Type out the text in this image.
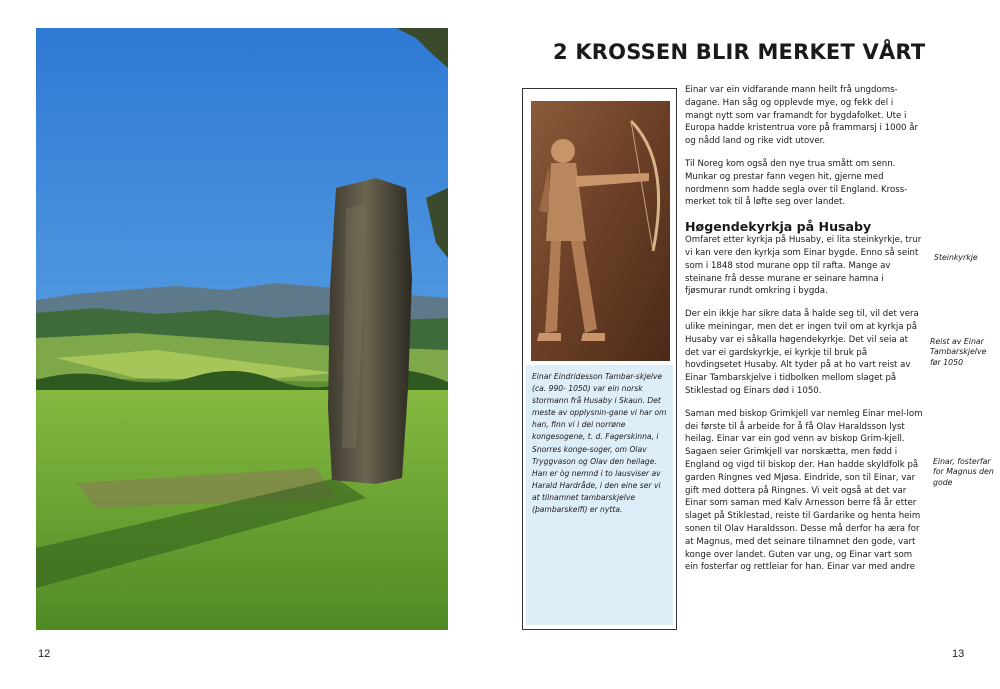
12
2 KROSSEN BLIR MERKET VÅRT
Einar Eindridesson Tambar-skjelve (ca. 990- 1050) var ein norsk stormann frå Husaby i Skaun. Det meste av opplysnin-gane vi har om han, finn vi i dei norrøne kongesogene, t. d. Fagerskinna, i Snorres konge-soger, om Olav Tryggvason og Olav den heilage. Han er òg nemnd i to lausviser av Harald Hardråde, i den eine ser vi at tilnamnet tambarskjelve (þambarskelfi) er nytta.

Einar var ein vidfarande mann heilt frå ungdoms-dagane. Han såg og opplevde mye, og fekk del i mangt nytt som var framandt for bygdafolket. Ute i Europa hadde kristentrua vore på frammarsj i 1000 år og nådd land og rike vidt utover.

Til Noreg kom også den nye trua smått om senn. Munkar og prestar fann vegen hit, gjerne med nordmenn som hadde segla over til England. Kross-merket tok til å løfte seg over landet.

Høgendekyrkja på Husaby

Omfaret etter kyrkja på Husaby, ei lita steinkyrkje, trur vi kan vere den kyrkja som Einar bygde. Enno så seint som i 1848 stod murane opp til rafta. Mange av steinane frå desse murane er seinare hamna i fjøsmurar rundt omkring i bygda.

Der ein ikkje har sikre data å halde seg til, vil det vera ulike meiningar, men det er ingen tvil om at kyrkja på Husaby var ei såkalla høgendekyrkje. Det vil seia at det var ei gardskyrkje, ei kyrkje til bruk på hovdingsetet Husaby. Alt tyder på at ho vart reist av Einar Tambarskjelve i tidbolken mellom slaget på Stiklestad og Einars død i 1050.

Saman med biskop Grimkjell var nemleg Einar mel-lom dei første til å arbeide for å få Olav Haraldsson lyst heilag. Einar var ein god venn av biskop Grim-kjell. Sagaen seier Grimkjell var norskætta, men fødd i England og vigd til biskop der. Han hadde skyldfolk på garden Ringnes ved Mjøsa. Eindride, son til Einar, var gift med dottera på Ringnes. Vi veit også at det var Einar som saman med Kalv Arnesson berre få år etter slaget på Stiklestad, reiste til Gardarike og henta heim sonen til Olav Haraldsson. Desse må derfor ha æra for at Magnus, med det seinare tilnamnet den gode, vart konge over landet. Guten var ung, og Einar vart som ein fosterfar og rettleiar for han. Einar var med andre

Steinkyrkje
Reist av Einar Tambarskjelve før 1050
Einar, fosterfar for Magnus den gode
13
